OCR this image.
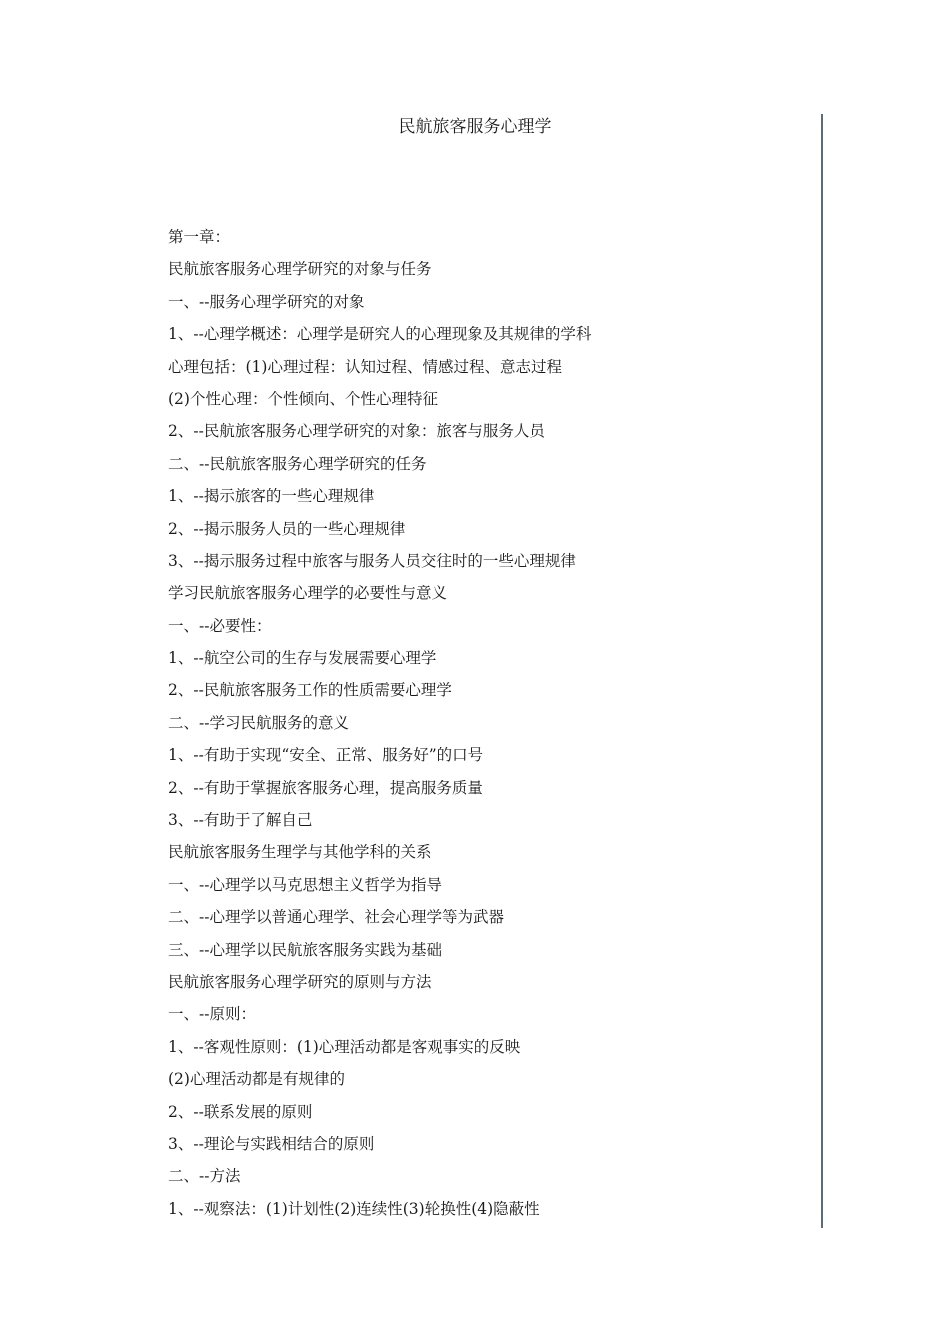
民航旅客服务心理学
第一章：
民航旅客服务心理学研究的对象与任务
一、--服务心理学研究的对象
1、--心理学概述：心理学是研究人的心理现象及其规律的学科
心理包括：(1)心理过程：认知过程、情感过程、意志过程
(2)个性心理：个性倾向、个性心理特征
2、--民航旅客服务心理学研究的对象：旅客与服务人员
二、--民航旅客服务心理学研究的任务
1、--揭示旅客的一些心理规律
2、--揭示服务人员的一些心理规律
3、--揭示服务过程中旅客与服务人员交往时的一些心理规律
学习民航旅客服务心理学的必要性与意义
一、--必要性：
1、--航空公司的生存与发展需要心理学
2、--民航旅客服务工作的性质需要心理学
二、--学习民航服务的意义
1、--有助于实现“安全、正常、服务好”的口号
2、--有助于掌握旅客服务心理，提高服务质量
3、--有助于了解自己
民航旅客服务生理学与其他学科的关系
一、--心理学以马克思想主义哲学为指导
二、--心理学以普通心理学、社会心理学等为武器
三、--心理学以民航旅客服务实践为基础
民航旅客服务心理学研究的原则与方法
一、--原则：
1、--客观性原则：(1)心理活动都是客观事实的反映
(2)心理活动都是有规律的
2、--联系发展的原则
3、--理论与实践相结合的原则
二、--方法
1、--观察法：(1)计划性(2)连续性(3)轮换性(4)隐蔽性
